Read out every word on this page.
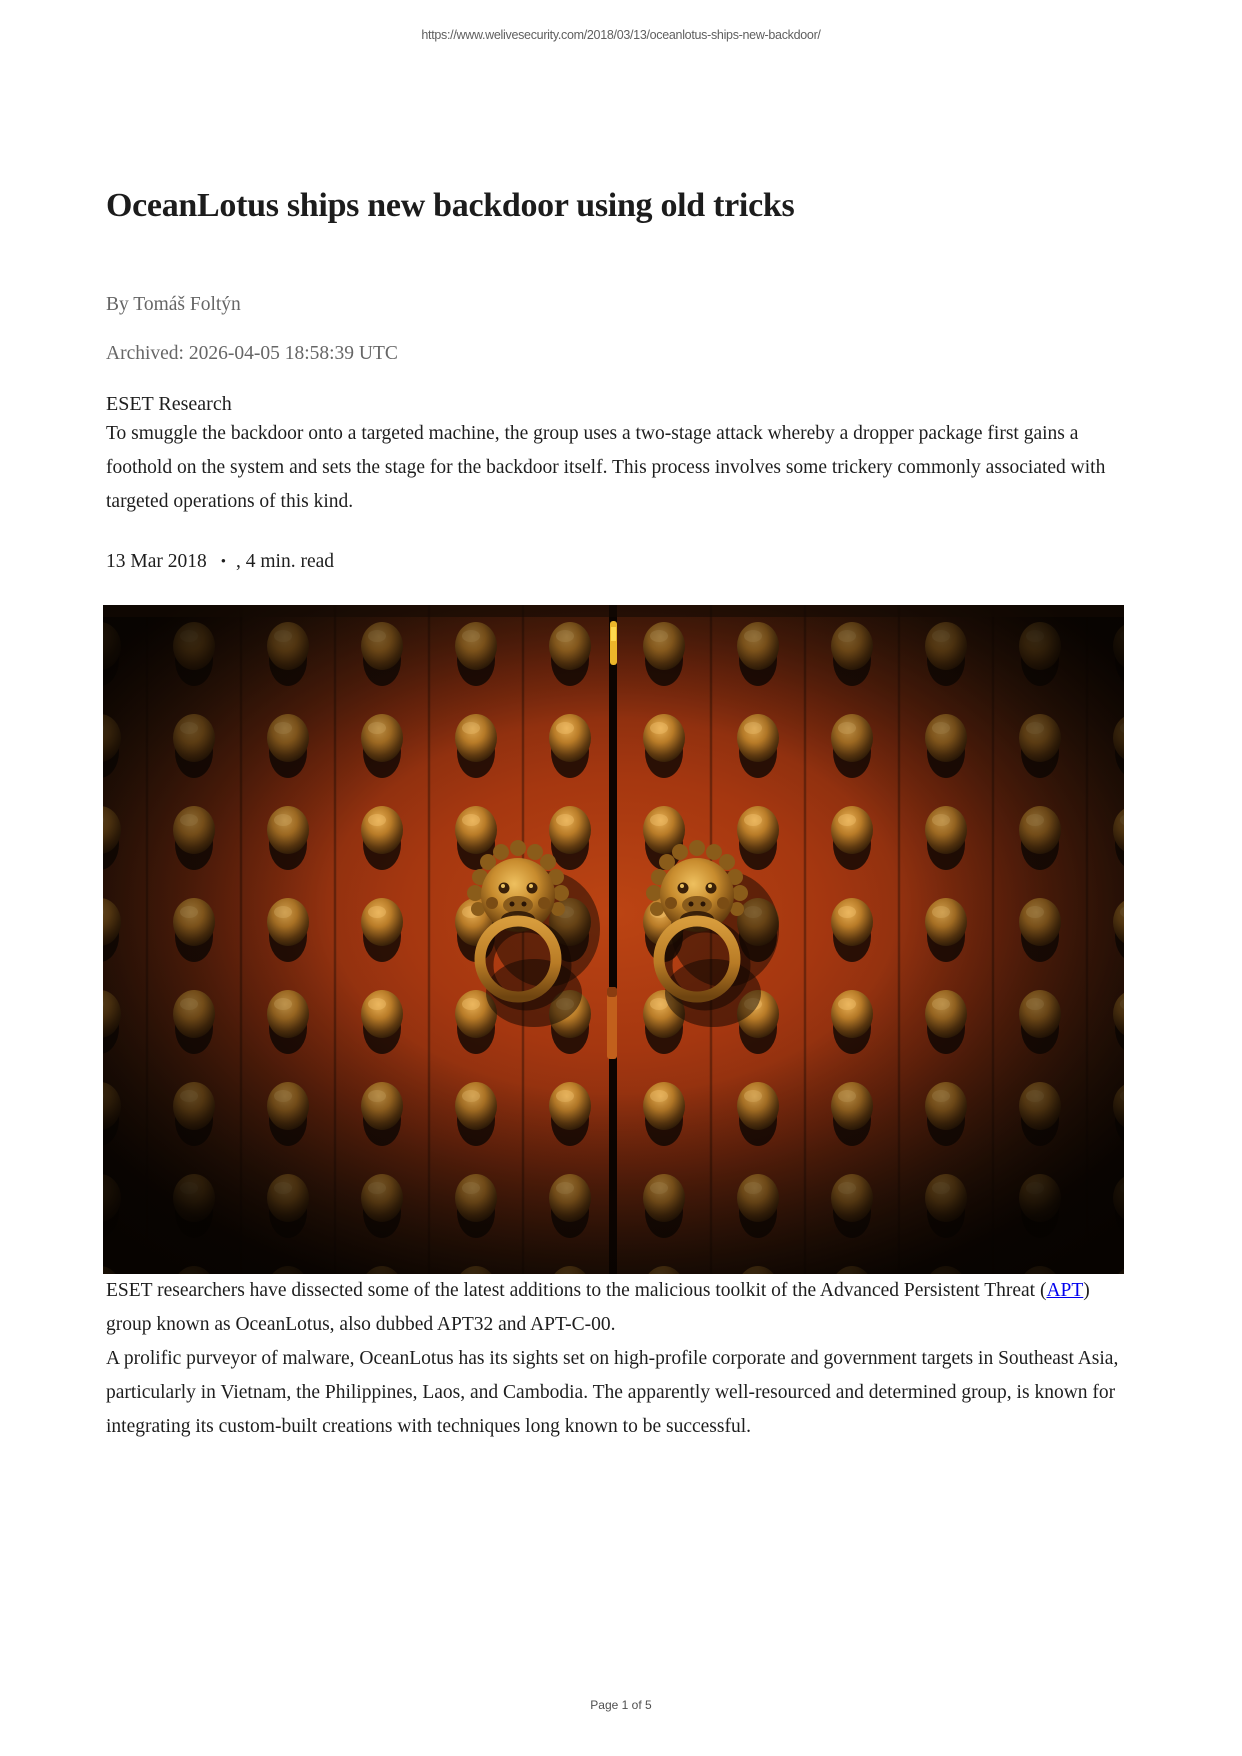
https://www.welivesecurity.com/2018/03/13/oceanlotus-ships-new-backdoor/
OceanLotus ships new backdoor using old tricks
By Tomáš Foltýn
Archived: 2026-04-05 18:58:39 UTC
ESET Research

To smuggle the backdoor onto a targeted machine, the group uses a two-stage attack whereby a dropper package first gains a foothold on the system and sets the stage for the backdoor itself. This process involves some trickery commonly associated with targeted operations of this kind.

13 Mar 2018 • , 4 min. read

ESET researchers have dissected some of the latest additions to the malicious toolkit of the Advanced Persistent Threat (APT) group known as OceanLotus, also dubbed APT32 and APT-C-00.

A prolific purveyor of malware, OceanLotus has its sights set on high-profile corporate and government targets in Southeast Asia, particularly in Vietnam, the Philippines, Laos, and Cambodia. The apparently well-resourced and determined group, is known for integrating its custom-built creations with techniques long known to be successful.

Page 1 of 5
